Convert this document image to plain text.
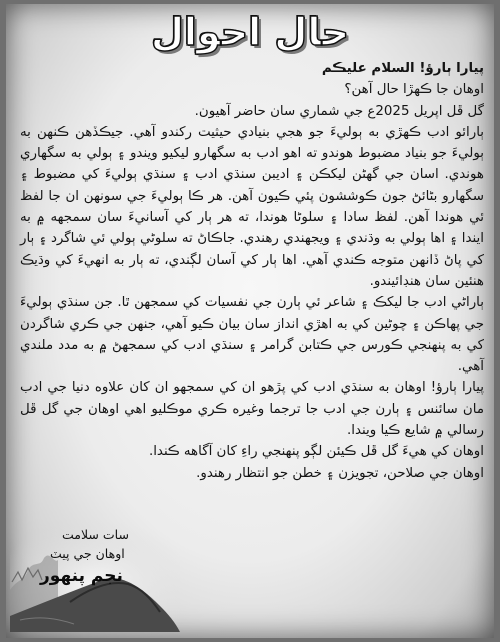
حال احوال

پيارا ٻارؤ! السلام عليڪم

اوهان جا ڪهڙا حال آهن؟

گل ڦل اپريل 2025ع جي شماري سان حاضر آهيون.

ٻارائو ادب ڪهڙي به ٻوليءَ جو هجي بنيادي حيثيت رکندو آهي. جيڪڏهن ڪنهن به ٻوليءَ جو بنياد مضبوط هوندو ته اهو ادب به سگهارو ليکيو ويندو ۽ ٻولي به سگهاري هوندي. اسان جي گهڻن ليکڪن ۽ اديبن سنڌي ادب ۽ سنڌي ٻوليءَ کي مضبوط ۽ سگهارو بڻائڻ جون ڪوششون پئي ڪيون آهن. هر ڪا ٻوليءَ جي سونهن ان جا لفظ ئي هوندا آهن. لفظ سادا ۽ سلوڻا هوندا، ته هر ٻار کي آسانيءَ سان سمجهه ۾ به ايندا ۽ اها ٻولي به وڌندي ۽ ويجهندي رهندي. جاڪاڻ ته سلوڻي ٻولي ئي شاگرد ۽ ٻار کي پاڻ ڏانهن متوجه ڪندي آهي. اها ٻار کي آسان لڳندي، ته ٻار به انهيءَ کي وڌيڪ هنئين سان هنڊائيندو.

ٻاراڻي ادب جا ليکڪ ۽ شاعر ئي ٻارن جي نفسيات کي سمجهن ٿا. جن سنڌي ٻوليءَ جي پهاڪن ۽ چوڻين کي به اهڙي انداز سان بيان ڪيو آهي، جنهن جي ڪري شاگردن کي به پنهنجي ڪورس جي ڪتابن گرامر ۽ سنڌي ادب کي سمجهڻ ۾ به مدد ملندي آهي.

پيارا ٻارؤ! اوهان به سنڌي ادب کي پڙهو ان کي سمجهو ان کان علاوه دنيا جي ادب مان سائنس ۽ ٻارن جي ادب جا ترجما وغيره ڪري موڪليو اهي اوهان جي گل ڦل رسالي ۾ شايع ڪيا ويندا.

اوهان کي هيءَ گل ڦل ڪيئن لڳو پنهنجي راءِ کان آگاهه ڪندا.

اوهان جي صلاحن، تجويزن ۽ خطن جو انتظار رهندو.

سات سلامت
اوهان جي پيٽ
نجم پنهور
